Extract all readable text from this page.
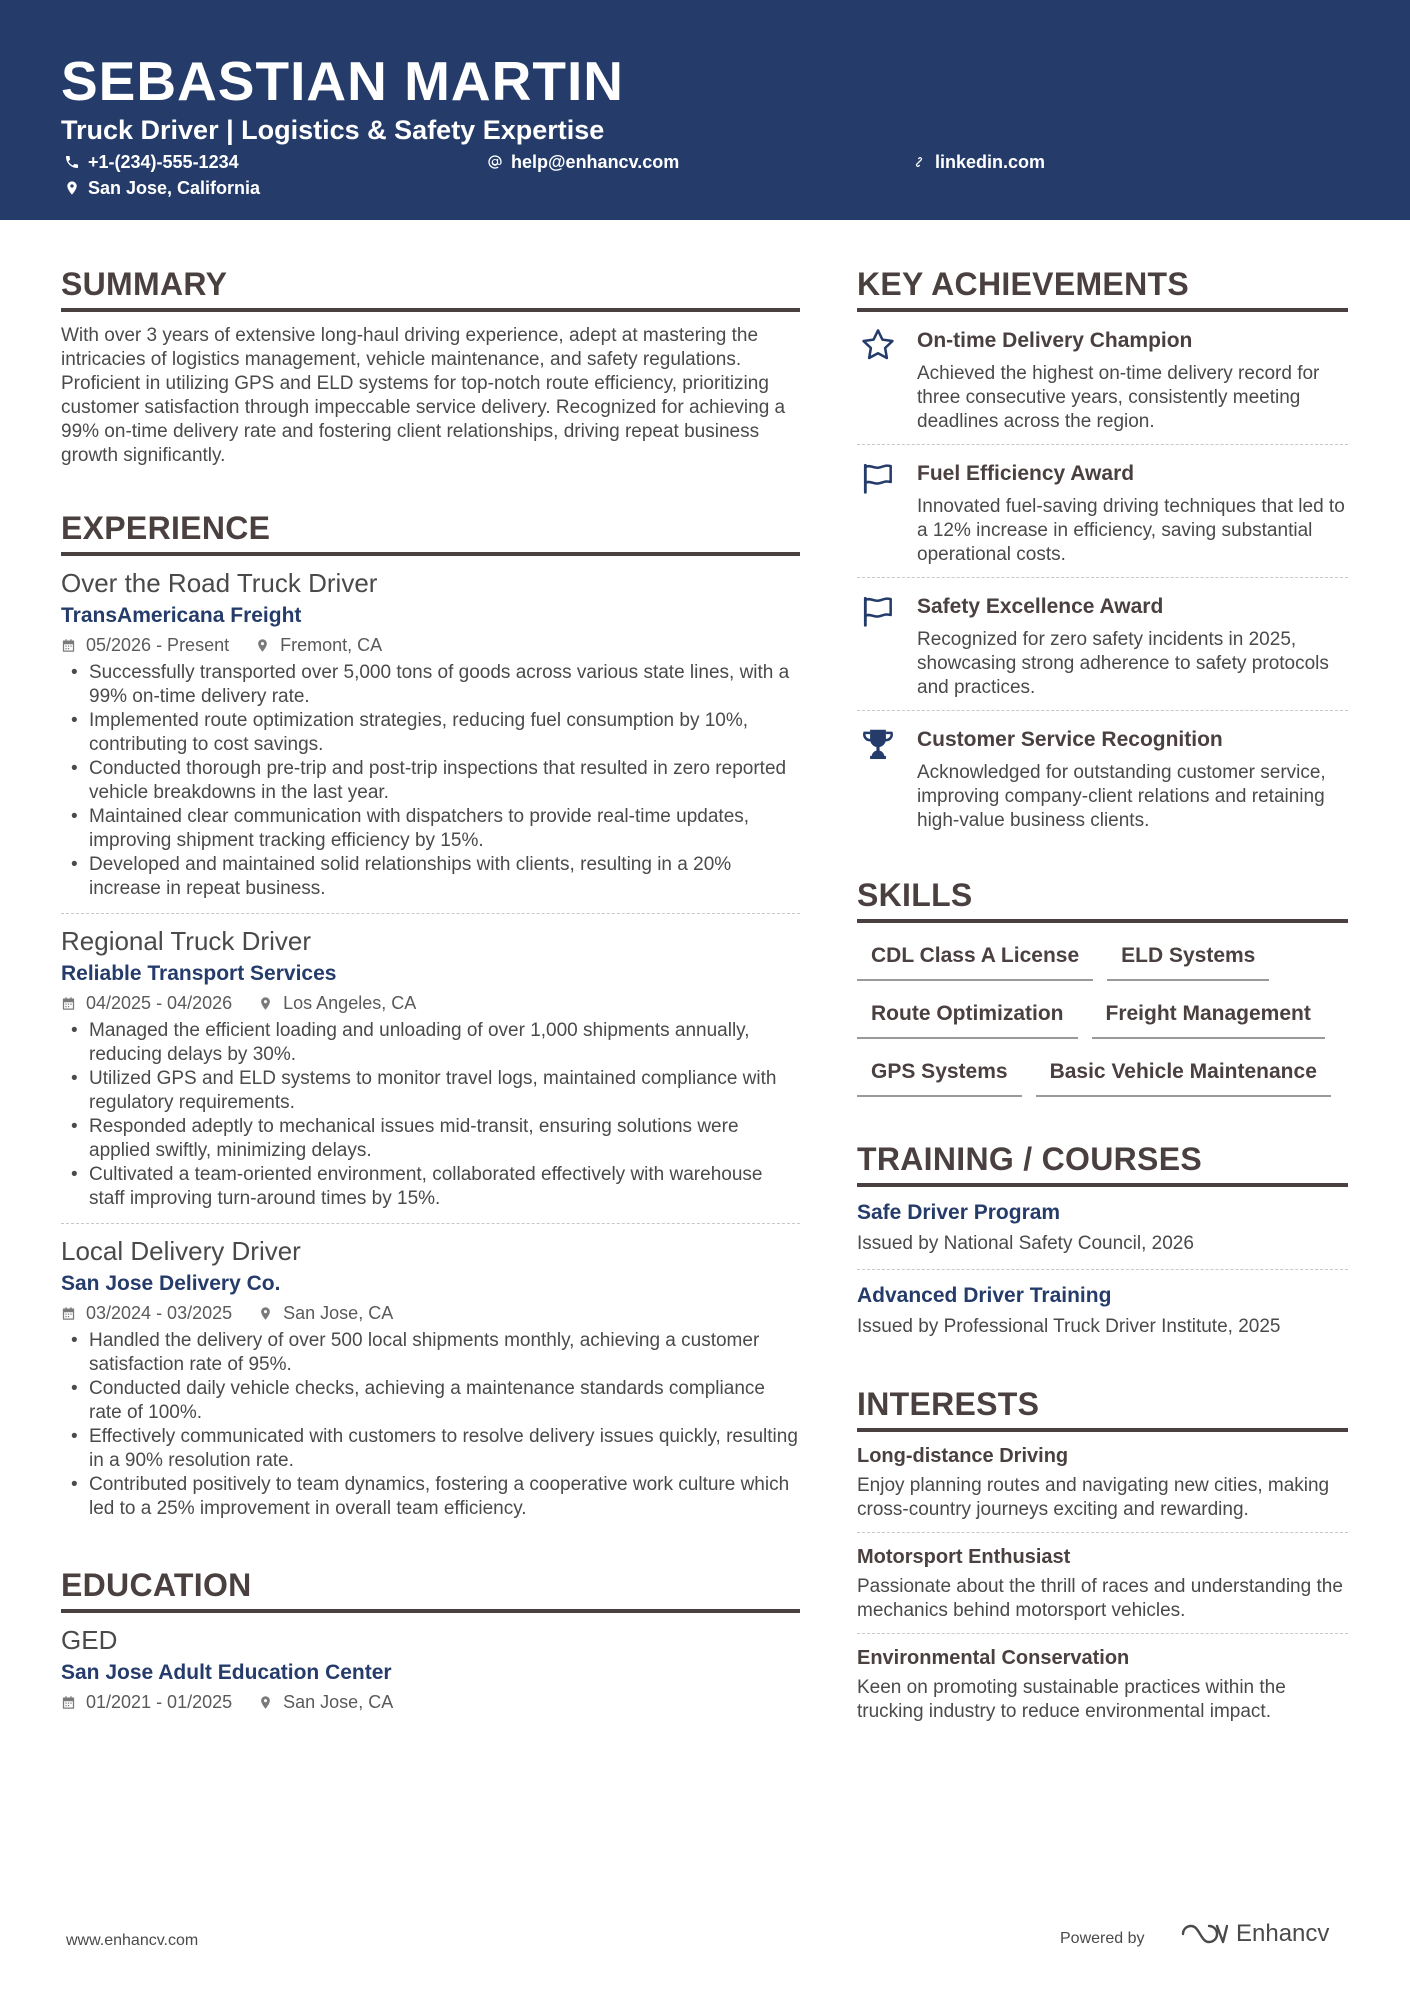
SEBASTIAN MARTIN
Truck Driver | Logistics & Safety Expertise
+1-(234)-555-1234	help@enhancv.com	linkedin.com
San Jose, California
SUMMARY
With over 3 years of extensive long-haul driving experience, adept at mastering the intricacies of logistics management, vehicle maintenance, and safety regulations. Proficient in utilizing GPS and ELD systems for top-notch route efficiency, prioritizing customer satisfaction through impeccable service delivery. Recognized for achieving a 99% on-time delivery rate and fostering client relationships, driving repeat business growth significantly.
EXPERIENCE
Over the Road Truck Driver
TransAmericana Freight
05/2026 - Present	Fremont, CA
• Successfully transported over 5,000 tons of goods across various state lines, with a 99% on-time delivery rate.
• Implemented route optimization strategies, reducing fuel consumption by 10%, contributing to cost savings.
• Conducted thorough pre-trip and post-trip inspections that resulted in zero reported vehicle breakdowns in the last year.
• Maintained clear communication with dispatchers to provide real-time updates, improving shipment tracking efficiency by 15%.
• Developed and maintained solid relationships with clients, resulting in a 20% increase in repeat business.
Regional Truck Driver
Reliable Transport Services
04/2025 - 04/2026	Los Angeles, CA
• Managed the efficient loading and unloading of over 1,000 shipments annually, reducing delays by 30%.
• Utilized GPS and ELD systems to monitor travel logs, maintained compliance with regulatory requirements.
• Responded adeptly to mechanical issues mid-transit, ensuring solutions were applied swiftly, minimizing delays.
• Cultivated a team-oriented environment, collaborated effectively with warehouse staff improving turn-around times by 15%.
Local Delivery Driver
San Jose Delivery Co.
03/2024 - 03/2025	San Jose, CA
• Handled the delivery of over 500 local shipments monthly, achieving a customer satisfaction rate of 95%.
• Conducted daily vehicle checks, achieving a maintenance standards compliance rate of 100%.
• Effectively communicated with customers to resolve delivery issues quickly, resulting in a 90% resolution rate.
• Contributed positively to team dynamics, fostering a cooperative work culture which led to a 25% improvement in overall team efficiency.
EDUCATION
GED
San Jose Adult Education Center
01/2021 - 01/2025	San Jose, CA
KEY ACHIEVEMENTS
On-time Delivery Champion
Achieved the highest on-time delivery record for three consecutive years, consistently meeting deadlines across the region.
Fuel Efficiency Award
Innovated fuel-saving driving techniques that led to a 12% increase in efficiency, saving substantial operational costs.
Safety Excellence Award
Recognized for zero safety incidents in 2025, showcasing strong adherence to safety protocols and practices.
Customer Service Recognition
Acknowledged for outstanding customer service, improving company-client relations and retaining high-value business clients.
SKILLS
CDL Class A License	ELD Systems
Route Optimization	Freight Management
GPS Systems	Basic Vehicle Maintenance
TRAINING / COURSES
Safe Driver Program
Issued by National Safety Council, 2026
Advanced Driver Training
Issued by Professional Truck Driver Institute, 2025
INTERESTS
Long-distance Driving
Enjoy planning routes and navigating new cities, making cross-country journeys exciting and rewarding.
Motorsport Enthusiast
Passionate about the thrill of races and understanding the mechanics behind motorsport vehicles.
Environmental Conservation
Keen on promoting sustainable practices within the trucking industry to reduce environmental impact.
www.enhancv.com	Powered by	Enhancv
